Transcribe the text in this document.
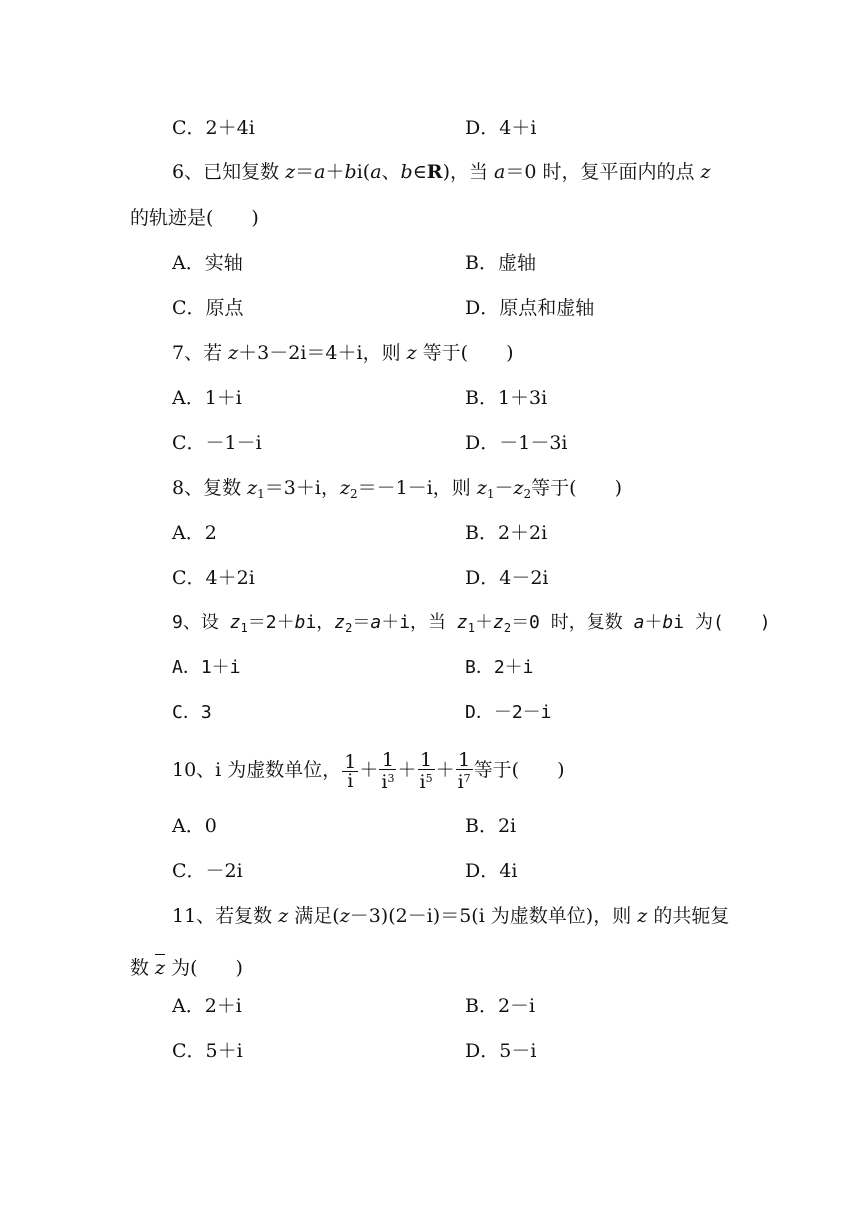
C．2＋4i	D．4＋i
6、已知复数 z＝a＋bi(a、b∈R)，当 a＝0 时，复平面内的点 z
的轨迹是(　　)
A．实轴	B．虚轴
C．原点	D．原点和虚轴
7、若 z＋3－2i＝4＋i，则 z 等于(　　)
A．1＋i	B．1＋3i
C．－1－i	D．－1－3i
8、复数 $z_1=3+i$，$z_2=-1-i$，则 $z_1-z_2$等于(　　)
A．2	B．2＋2i
C．4＋2i	D．4－2i
9、设 $z_1=2+bi$，$z_2=a+i$，当 $z_1+z_2=0$ 时，复数 a＋bi 为(　　)
A．1＋i	B．2＋i
C．3	D．－2－i
10、i 为虚数单位， $\frac{1}{i} + \frac{1}{i^3} + \frac{1}{i^5} + \frac{1}{i^7}$ 等于(　　)
A．0	B．2i
C．－2i	D．4i
11、若复数 z 满足(z－3)(2－i)＝5(i 为虚数单位)，则 z 的共轭复
数 z 为(　　)
A．2＋i	B．2－i
C．5＋i	D．5－i
